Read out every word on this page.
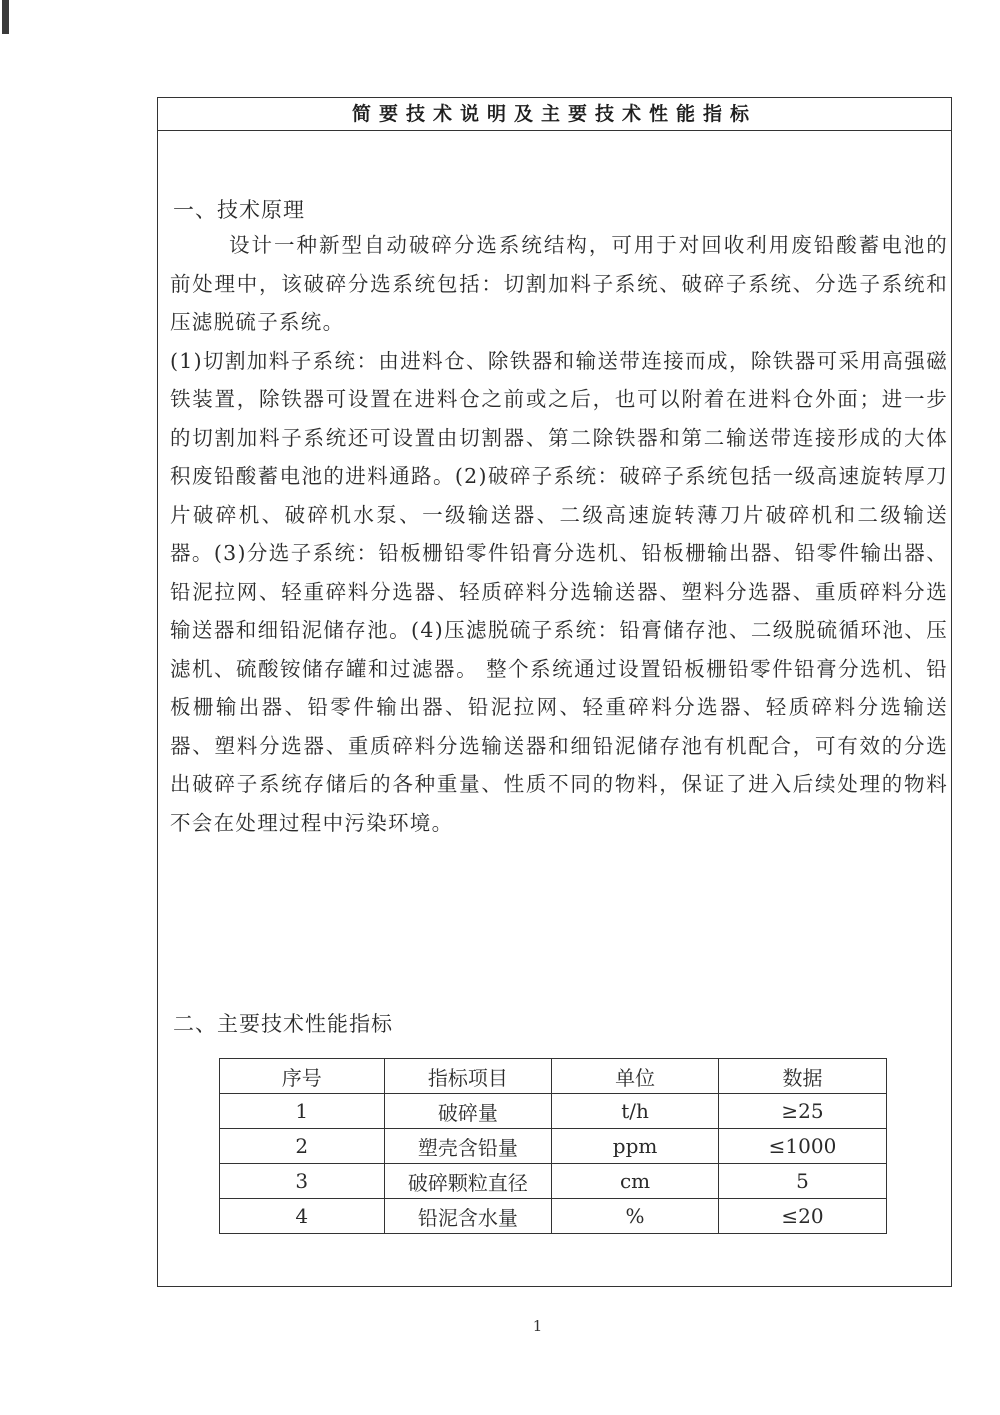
简要技术说明及主要技术性能指标
一、技术原理

设计一种新型自动破碎分选系统结构，可用于对回收利用废铅酸蓄电池的前处理中，该破碎分选系统包括：切割加料子系统、破碎子系统、分选子系统和压滤脱硫子系统。

(1)切割加料子系统：由进料仓、除铁器和输送带连接而成，除铁器可采用高强磁铁装置，除铁器可设置在进料仓之前或之后，也可以附着在进料仓外面；进一步的切割加料子系统还可设置由切割器、第二除铁器和第二输送带连接形成的大体积废铅酸蓄电池的进料通路。(2)破碎子系统：破碎子系统包括一级高速旋转厚刀片破碎机、破碎机水泵、一级输送器、二级高速旋转薄刀片破碎机和二级输送器。(3)分选子系统：铅板栅铅零件铅膏分选机、铅板栅输出器、铅零件输出器、铅泥拉网、轻重碎料分选器、轻质碎料分选输送器、塑料分选器、重质碎料分选输送器和细铅泥储存池。(4)压滤脱硫子系统：铅膏储存池、二级脱硫循环池、压滤机、硫酸铵储存罐和过滤器。 整个系统通过设置铅板栅铅零件铅膏分选机、铅板栅输出器、铅零件输出器、铅泥拉网、轻重碎料分选器、轻质碎料分选输送器、塑料分选器、重质碎料分选输送器和细铅泥储存池有机配合，可有效的分选出破碎子系统存储后的各种重量、性质不同的物料，保证了进入后续处理的物料不会在处理过程中污染环境。

二、主要技术性能指标
序号	指标项目	单位	数据
1	破碎量	t/h	≥25
2	塑壳含铅量	ppm	≤1000
3	破碎颗粒直径	cm	5
4	铅泥含水量	%	≤20
1
